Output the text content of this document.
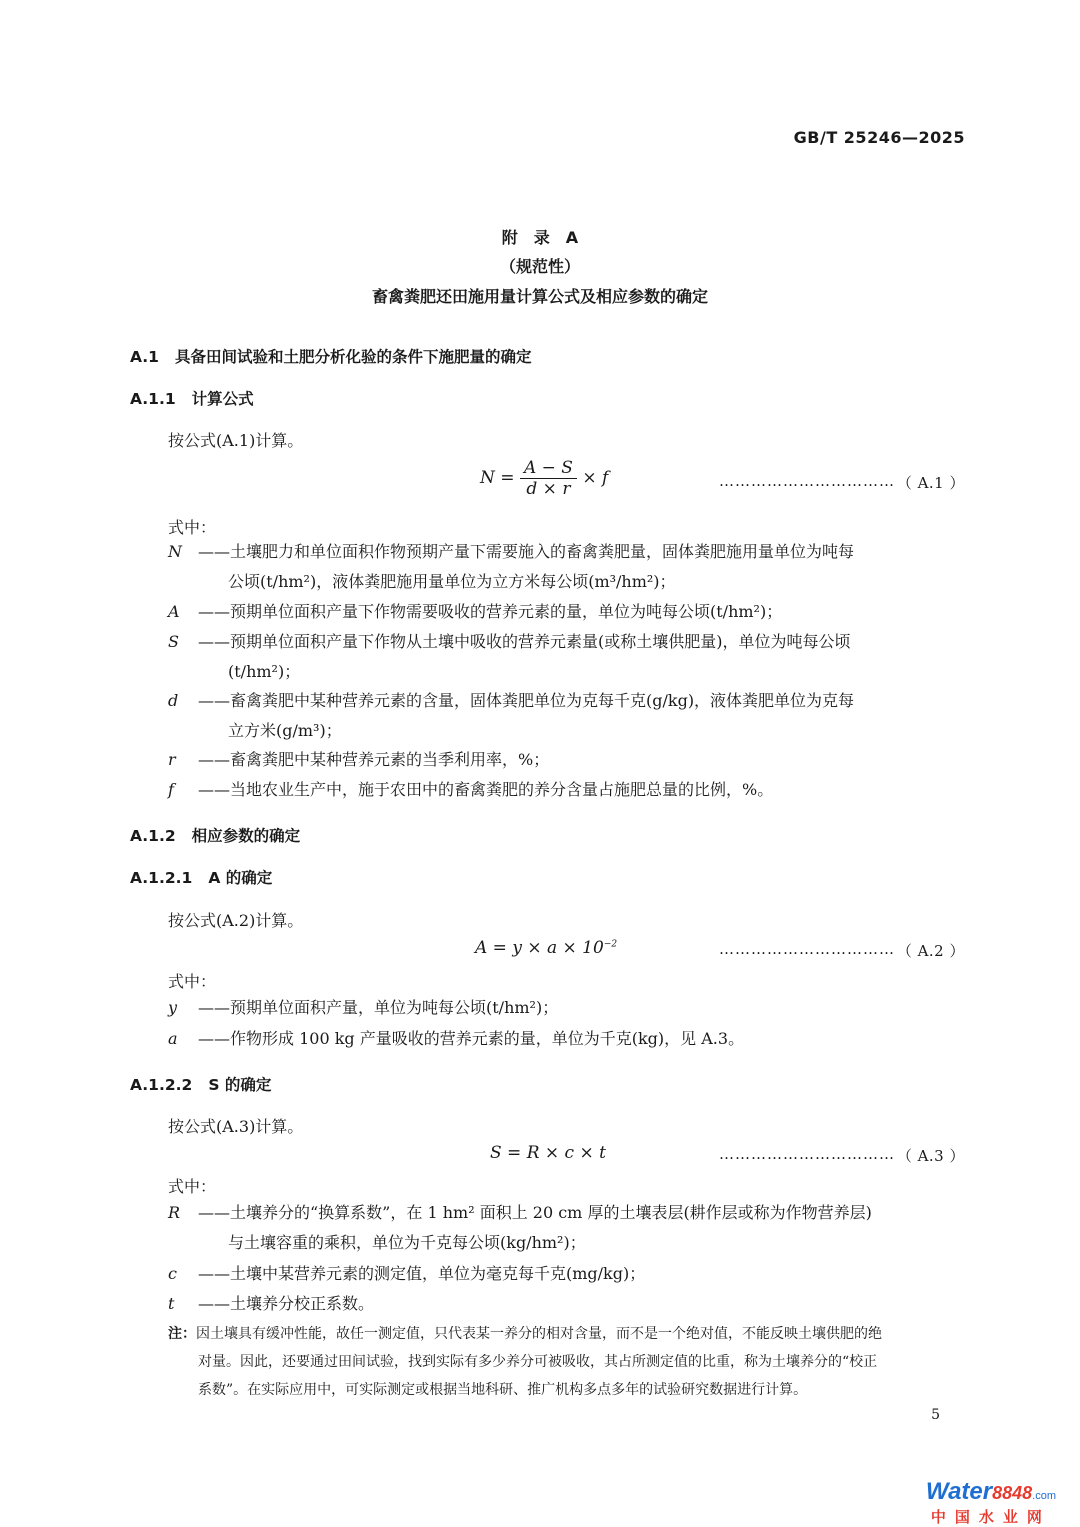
GB/T 25246—2025
附　录　A
（规范性）
畜禽粪肥还田施用量计算公式及相应参数的确定
A.1 具备田间试验和土肥分析化验的条件下施肥量的确定
A.1.1 计算公式
按公式(A.1)计算。
$N = \frac{A - S}{d \times r} \times f$	…………………………… （ A.1 ）
式中：
N	——土壤肥力和单位面积作物预期产量下需要施入的畜禽粪肥量，固体粪肥施用量单位为吨每
公顷(t/hm²)，液体粪肥施用量单位为立方米每公顷(m³/hm²)；
A	——预期单位面积产量下作物需要吸收的营养元素的量，单位为吨每公顷(t/hm²)；
S	——预期单位面积产量下作物从土壤中吸收的营养元素量(或称土壤供肥量)，单位为吨每公顷
(t/hm²)；
d	——畜禽粪肥中某种营养元素的含量，固体粪肥单位为克每千克(g/kg)，液体粪肥单位为克每
立方米(g/m³)；
r	——畜禽粪肥中某种营养元素的当季利用率，%；
f	——当地农业生产中，施于农田中的畜禽粪肥的养分含量占施肥总量的比例，%。
A.1.2 相应参数的确定
A.1.2.1 A 的确定
按公式(A.2)计算。
$A = y \times a \times 10^{-2}$	…………………………… （ A.2 ）
式中：
y	——预期单位面积产量，单位为吨每公顷(t/hm²)；
a	——作物形成 100 kg 产量吸收的营养元素的量，单位为千克(kg)，见 A.3。
A.1.2.2 S 的确定
按公式(A.3)计算。
S = R × c × t	…………………………… （ A.3 ）
式中：
R	——土壤养分的“换算系数”，在 1 hm² 面积上 20 cm 厚的土壤表层(耕作层或称为作物营养层)
与土壤容重的乘积，单位为千克每公顷(kg/hm²)；
c	——土壤中某营养元素的测定值，单位为毫克每千克(mg/kg)；
t	——土壤养分校正系数。
注：因土壤具有缓冲性能，故任一测定值，只代表某一养分的相对含量，而不是一个绝对值，不能反映土壤供肥的绝
对量。因此，还要通过田间试验，找到实际有多少养分可被吸收，其占所测定值的比重，称为土壤养分的“校正
系数”。在实际应用中，可实际测定或根据当地科研、推广机构多点多年的试验研究数据进行计算。
5
Water8848.com
中国水业网
